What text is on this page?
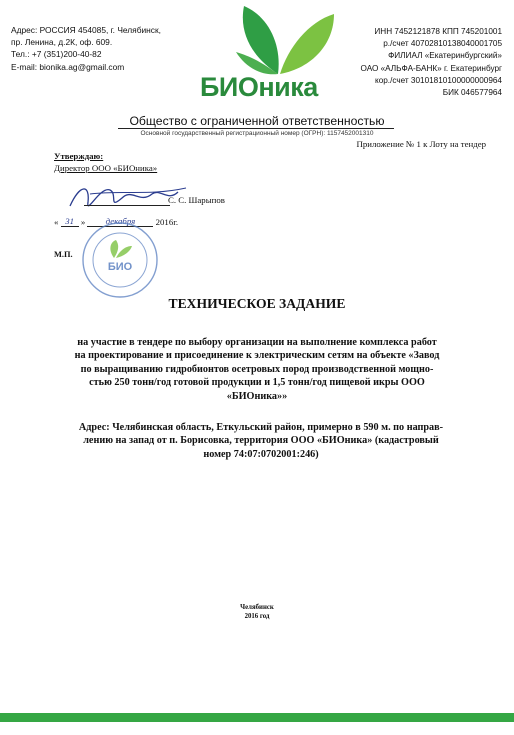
Адрес: РОССИЯ 454085, г. Челябинск,
пр. Ленина, д.2К, оф. 609.
Тел.: +7 (351)200-40-82
E-mail: bionika.ag@gmail.com
БИОника
ИНН 7452121878 КПП 745201001
р./счет 40702810138040001705
ФИЛИАЛ «Екатеринбургский»
ОАО «АЛЬФА-БАНК» г. Екатеринбург
кор./счет 30101810100000000964
БИК 046577964
Общество с ограниченной ответственностью
Основной государственный регистрационный номер (ОГРН): 1157452001310
Приложение № 1 к Лоту на тендер
Утверждаю:
Директор ООО «БИОника»
С. С. Шарыпов
« 31 » декабря 2016г.
М.П.
БИО
ТЕХНИЧЕСКОЕ ЗАДАНИЕ
на участие в тендере по выбору организации на выполнение комплекса работ
на проектирование и присоединение к электрическим сетям на объекте «Завод
по выращиванию гидробионтов осетровых пород производственной мощно-
стью 250 тонн/год готовой продукции и 1,5 тонн/год пищевой икры ООО
«БИОника»»
Адрес: Челябинская область, Еткульский район, примерно в 590 м. по направ-
лению на запад от п. Борисовка, территория ООО «БИОника» (кадастровый
номер 74:07:0702001:246)
Челябинск
2016 год
